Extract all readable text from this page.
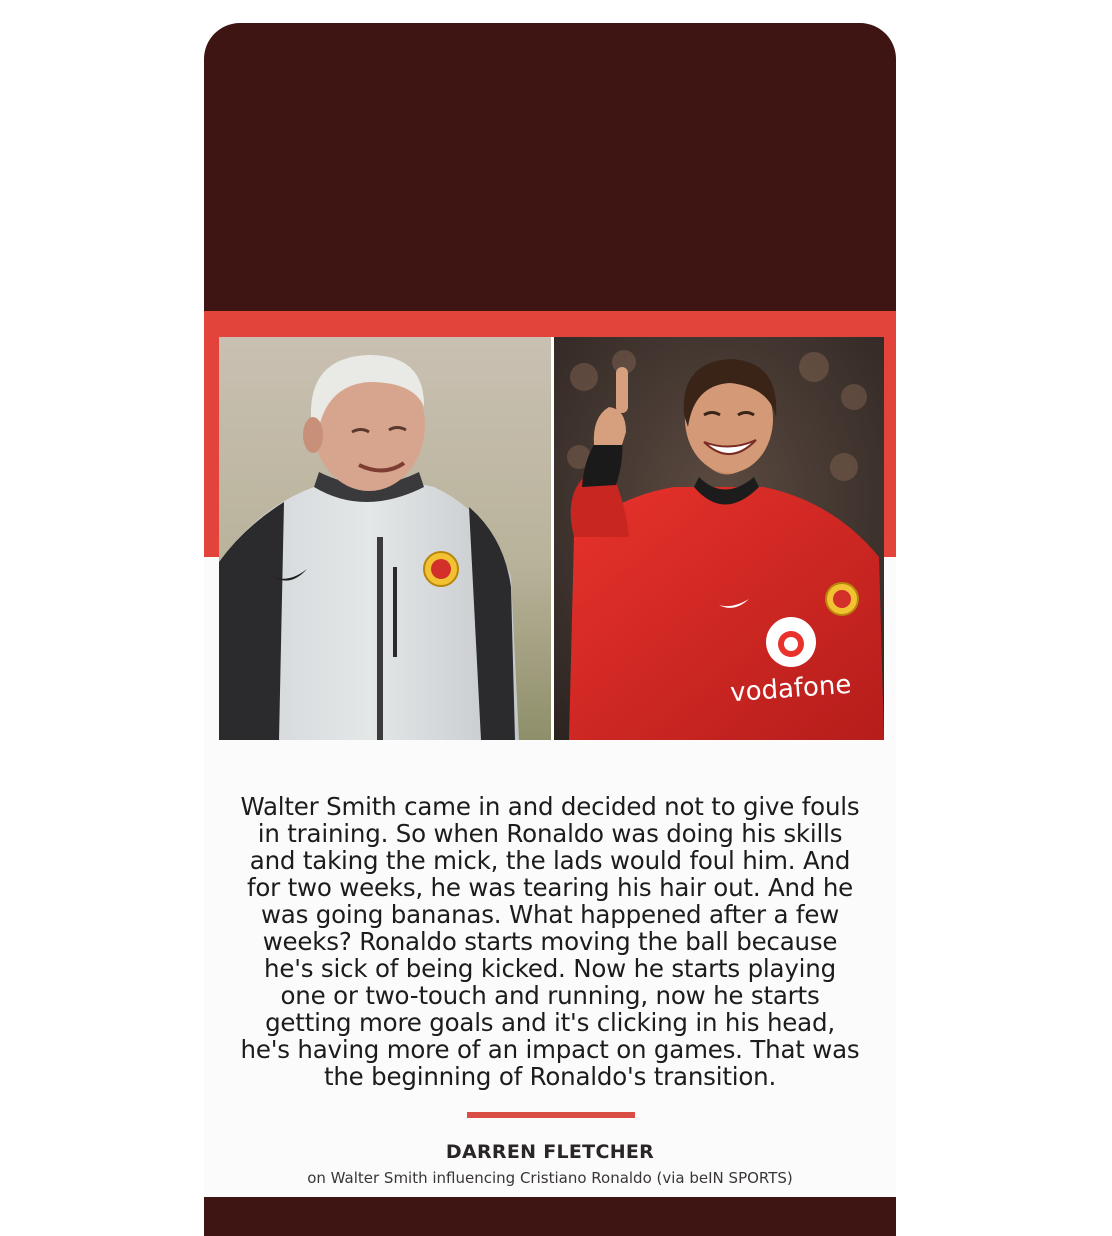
vodafone

Walter Smith came in and decided not to give fouls
in training. So when Ronaldo was doing his skills
and taking the mick, the lads would foul him. And
for two weeks, he was tearing his hair out. And he
was going bananas. What happened after a few
weeks? Ronaldo starts moving the ball because
he's sick of being kicked. Now he starts playing
one or two-touch and running, now he starts
getting more goals and it's clicking in his head,
he's having more of an impact on games. That was
the beginning of Ronaldo's transition.

DARREN FLETCHER
on Walter Smith influencing Cristiano Ronaldo (via beIN SPORTS)
